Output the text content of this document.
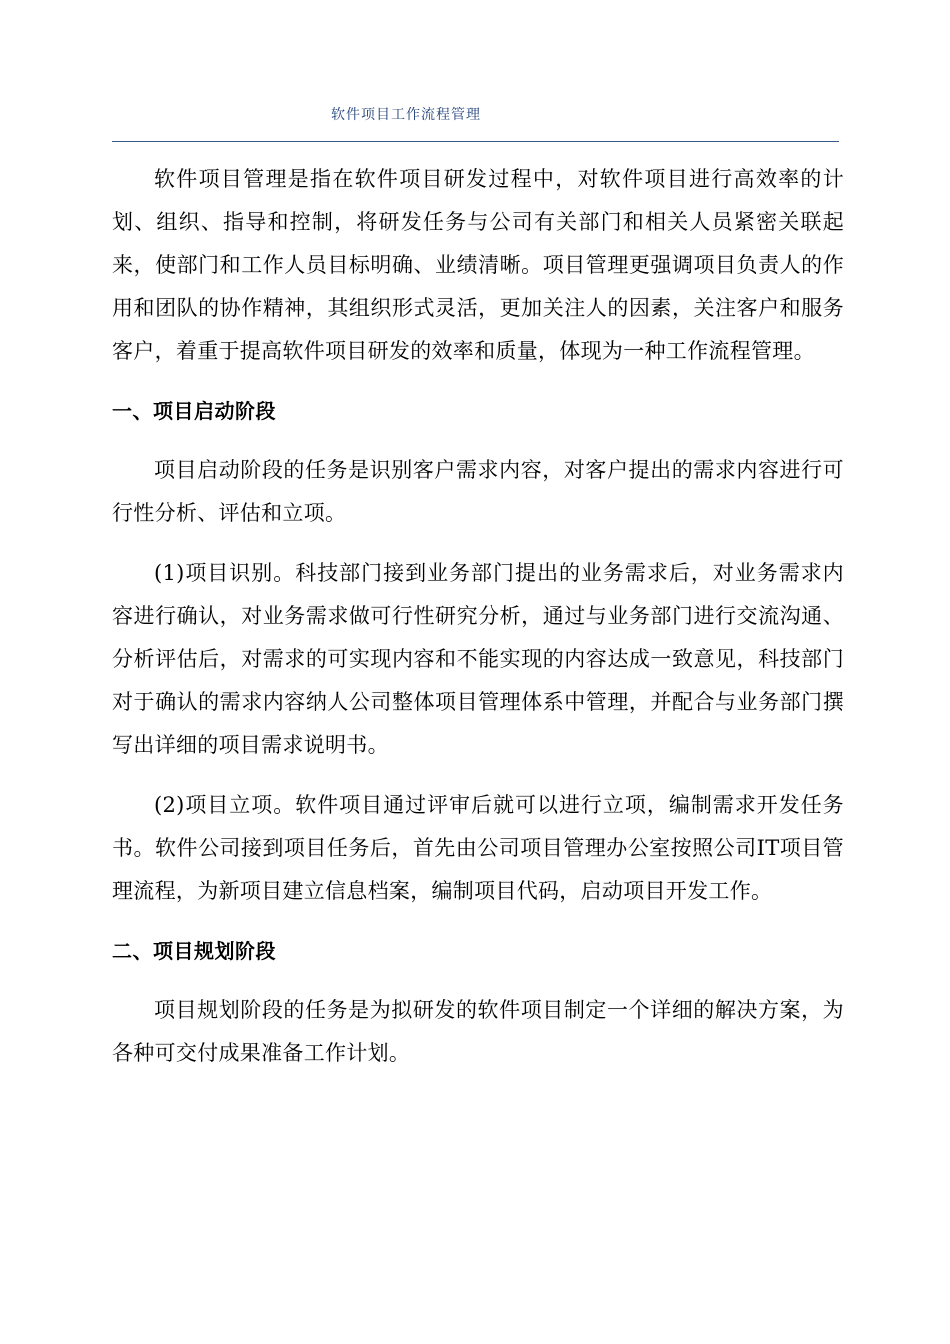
软件项目工作流程管理

软件项目管理是指在软件项目研发过程中，对软件项目进行高效率的计划、组织、指导和控制，将研发任务与公司有关部门和相关人员紧密关联起来，使部门和工作人员目标明确、业绩清晰。项目管理更强调项目负责人的作用和团队的协作精神，其组织形式灵活，更加关注人的因素，关注客户和服务客户，着重于提高软件项目研发的效率和质量，体现为一种工作流程管理。

一、项目启动阶段

项目启动阶段的任务是识别客户需求内容，对客户提出的需求内容进行可行性分析、评估和立项。

(1)项目识别。科技部门接到业务部门提出的业务需求后，对业务需求内容进行确认，对业务需求做可行性研究分析，通过与业务部门进行交流沟通、分析评估后，对需求的可实现内容和不能实现的内容达成一致意见，科技部门对于确认的需求内容纳人公司整体项目管理体系中管理，并配合与业务部门撰写出详细的项目需求说明书。

(2)项目立项。软件项目通过评审后就可以进行立项，编制需求开发任务书。软件公司接到项目任务后，首先由公司项目管理办公室按照公司IT项目管理流程，为新项目建立信息档案，编制项目代码，启动项目开发工作。

二、项目规划阶段

项目规划阶段的任务是为拟研发的软件项目制定一个详细的解决方案，为各种可交付成果准备工作计划。
